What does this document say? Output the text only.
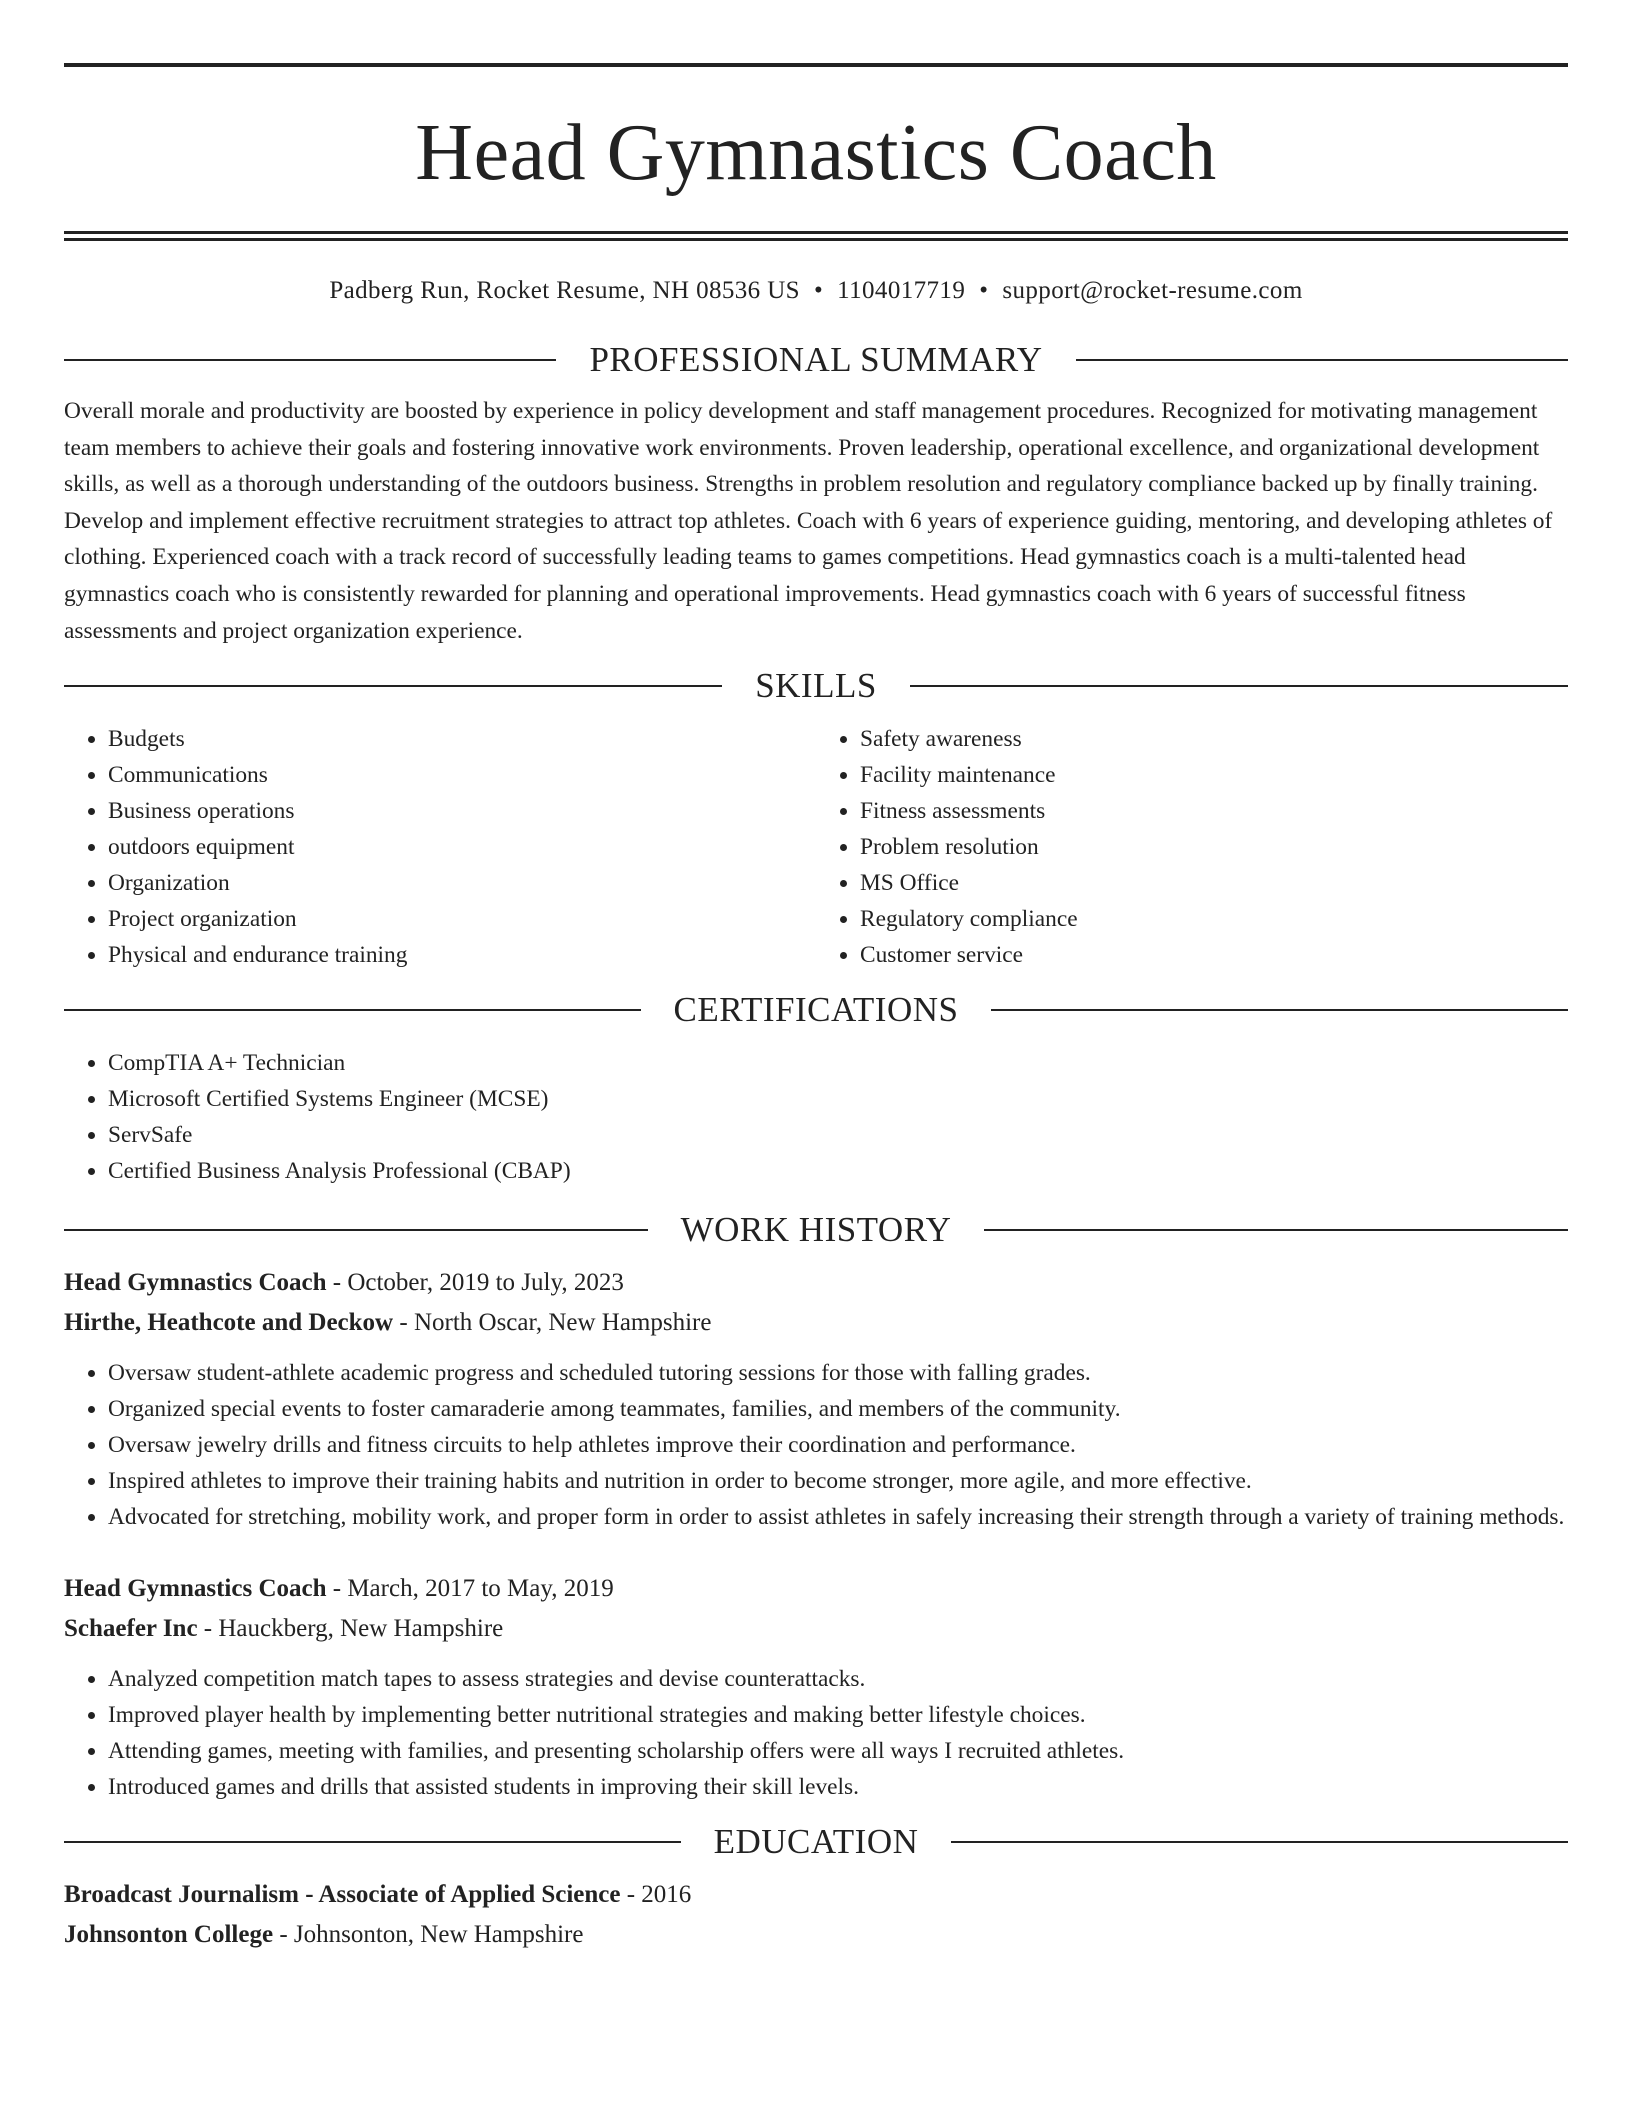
Head Gymnastics Coach
Padberg Run, Rocket Resume, NH 08536 US • 1104017719 • support@rocket-resume.com
PROFESSIONAL SUMMARY

Overall morale and productivity are boosted by experience in policy development and staff management procedures. Recognized for motivating management team members to achieve their goals and fostering innovative work environments. Proven leadership, operational excellence, and organizational development skills, as well as a thorough understanding of the outdoors business. Strengths in problem resolution and regulatory compliance backed up by finally training. Develop and implement effective recruitment strategies to attract top athletes. Coach with 6 years of experience guiding, mentoring, and developing athletes of clothing. Experienced coach with a track record of successfully leading teams to games competitions. Head gymnastics coach is a multi-talented head gymnastics coach who is consistently rewarded for planning and operational improvements. Head gymnastics coach with 6 years of successful fitness assessments and project organization experience.

SKILLS
• Budgets
• Communications
• Business operations
• outdoors equipment
• Organization
• Project organization
• Physical and endurance training
• Safety awareness
• Facility maintenance
• Fitness assessments
• Problem resolution
• MS Office
• Regulatory compliance
• Customer service
CERTIFICATIONS
• CompTIA A+ Technician
• Microsoft Certified Systems Engineer (MCSE)
• ServSafe
• Certified Business Analysis Professional (CBAP)
WORK HISTORY
Head Gymnastics Coach - October, 2019 to July, 2023
Hirthe, Heathcote and Deckow - North Oscar, New Hampshire
• Oversaw student-athlete academic progress and scheduled tutoring sessions for those with falling grades.
• Organized special events to foster camaraderie among teammates, families, and members of the community.
• Oversaw jewelry drills and fitness circuits to help athletes improve their coordination and performance.
• Inspired athletes to improve their training habits and nutrition in order to become stronger, more agile, and more effective.
• Advocated for stretching, mobility work, and proper form in order to assist athletes in safely increasing their strength through a variety of training methods.
Head Gymnastics Coach - March, 2017 to May, 2019
Schaefer Inc - Hauckberg, New Hampshire
• Analyzed competition match tapes to assess strategies and devise counterattacks.
• Improved player health by implementing better nutritional strategies and making better lifestyle choices.
• Attending games, meeting with families, and presenting scholarship offers were all ways I recruited athletes.
• Introduced games and drills that assisted students in improving their skill levels.
EDUCATION
Broadcast Journalism - Associate of Applied Science - 2016
Johnsonton College - Johnsonton, New Hampshire
